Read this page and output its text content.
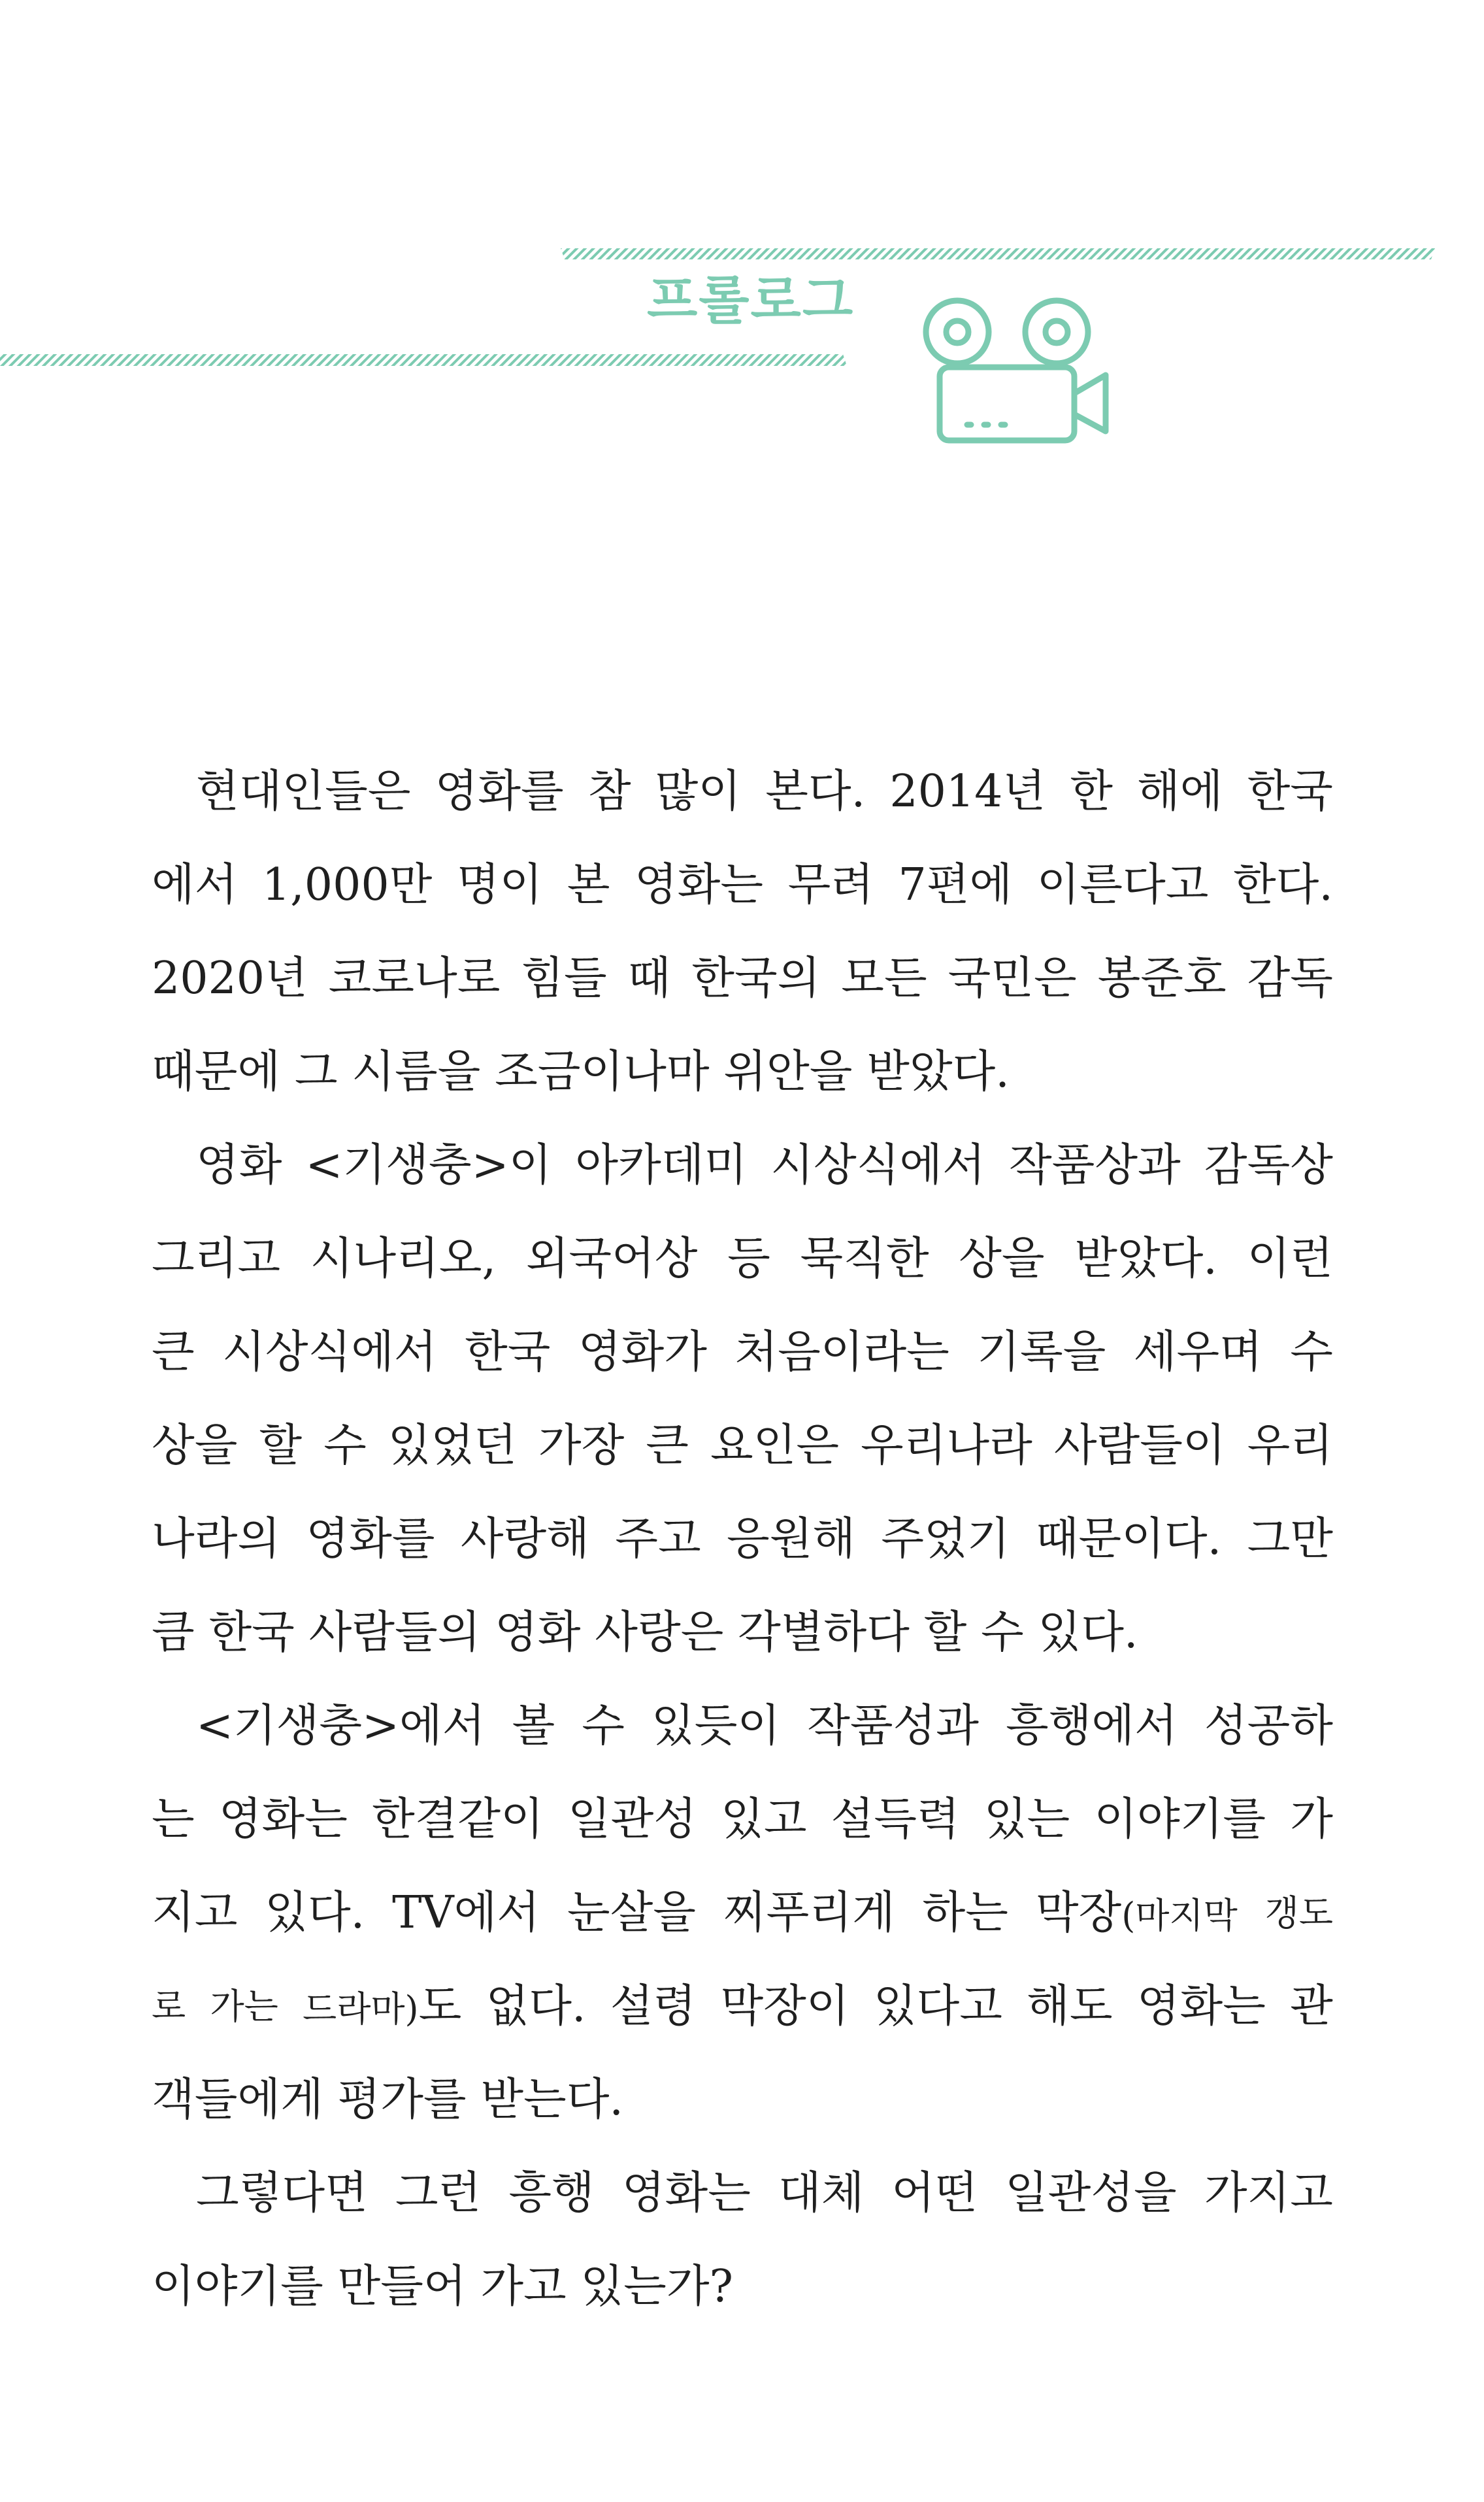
프롤로그
현대인들은 영화를 참 많이 본다. 2014년 한 해에 한국
에서 1,000만 명이 본 영화는 무려 7편에 이른다고 한다.
2020년 코로나로 힘들 때 한국의 모든 국민은 봉준호 감독
때문에 그 시름을 조금이나마 위안을 받았다.
영화 <기생충>이 아카데미 시상식에서 작품상과 감독상
그리고 시나리오, 외국어상 등 묵직한 상을 받았다. 이런
큰 시상식에서 한국 영화가 처음이라는 기록을 세우며 수
상을 할 수 있었던 가장 큰 요인은 우리나라 사람들이 우리
나라의 영화를 사랑해 주고 응원해 주었기 때문이다. 그만
큼 한국 사람들의 영화 사랑은 각별하다 할 수 있다.
<기생충>에서 볼 수 있듯이 작품성과 흥행에서 성공하
는 영화는 한결같이 일관성 있고 설득력 있는 이야기를 가
지고 있다. TV에서 눈살을 찌푸리게 하는 막장(마지막 갱도
로 가는 드라마)도 없다. 설령 막장이 있다고 해도 영화는 관
객들에게 평가를 받는다.
그렇다면 그런 흥행 영화는 대체 어떤 일관성을 가지고
이야기를 만들어 가고 있는가?
